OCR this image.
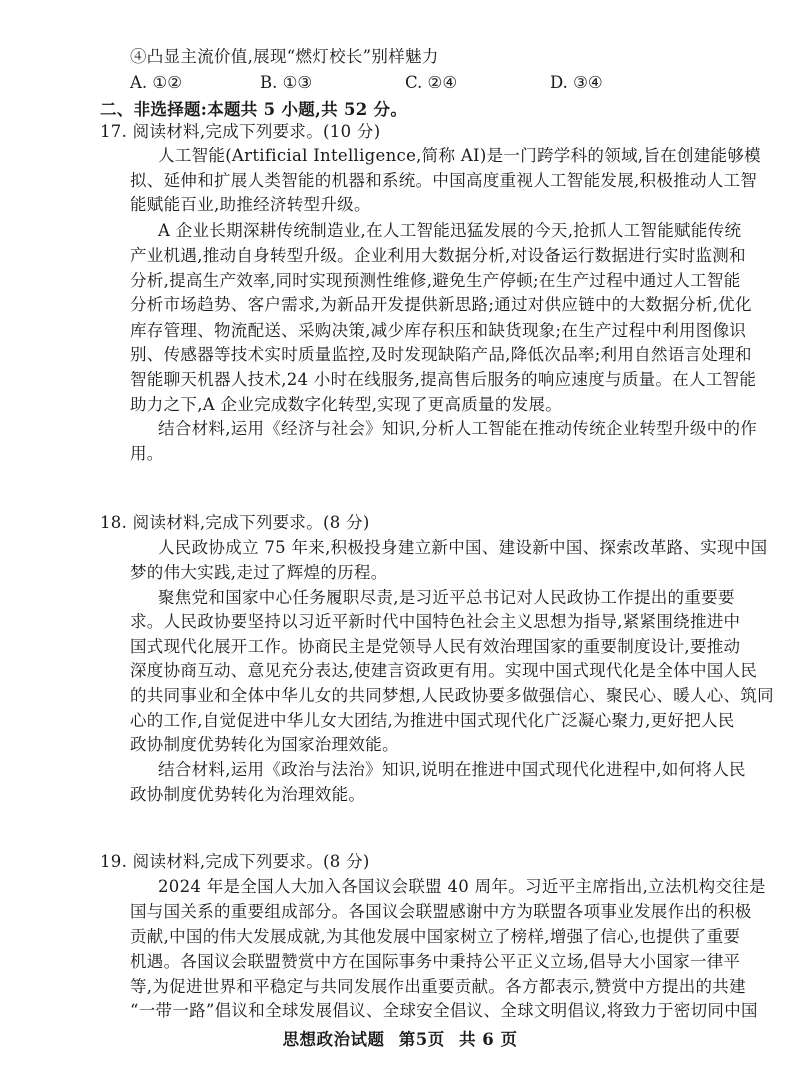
④凸显主流价值,展现“燃灯校长”别样魅力
A. ①②	B. ①③	C. ②④	D. ③④
二、非选择题:本题共 5 小题,共 52 分。
17. 阅读材料,完成下列要求。(10 分)
人工智能(Artificial Intelligence,简称 AI)是一门跨学科的领域,旨在创建能够模
拟、延伸和扩展人类智能的机器和系统。中国高度重视人工智能发展,积极推动人工智
能赋能百业,助推经济转型升级。
A 企业长期深耕传统制造业,在人工智能迅猛发展的今天,抢抓人工智能赋能传统
产业机遇,推动自身转型升级。企业利用大数据分析,对设备运行数据进行实时监测和
分析,提高生产效率,同时实现预测性维修,避免生产停顿;在生产过程中通过人工智能
分析市场趋势、客户需求,为新品开发提供新思路;通过对供应链中的大数据分析,优化
库存管理、物流配送、采购决策,减少库存积压和缺货现象;在生产过程中利用图像识
别、传感器等技术实时质量监控,及时发现缺陷产品,降低次品率;利用自然语言处理和
智能聊天机器人技术,24 小时在线服务,提高售后服务的响应速度与质量。在人工智能
助力之下,A 企业完成数字化转型,实现了更高质量的发展。
结合材料,运用《经济与社会》知识,分析人工智能在推动传统企业转型升级中的作
用。
18. 阅读材料,完成下列要求。(8 分)
人民政协成立 75 年来,积极投身建立新中国、建设新中国、探索改革路、实现中国
梦的伟大实践,走过了辉煌的历程。
聚焦党和国家中心任务履职尽责,是习近平总书记对人民政协工作提出的重要要
求。人民政协要坚持以习近平新时代中国特色社会主义思想为指导,紧紧围绕推进中
国式现代化展开工作。协商民主是党领导人民有效治理国家的重要制度设计,要推动
深度协商互动、意见充分表达,使建言资政更有用。实现中国式现代化是全体中国人民
的共同事业和全体中华儿女的共同梦想,人民政协要多做强信心、聚民心、暖人心、筑同
心的工作,自觉促进中华儿女大团结,为推进中国式现代化广泛凝心聚力,更好把人民
政协制度优势转化为国家治理效能。
结合材料,运用《政治与法治》知识,说明在推进中国式现代化进程中,如何将人民
政协制度优势转化为治理效能。
19. 阅读材料,完成下列要求。(8 分)
2024 年是全国人大加入各国议会联盟 40 周年。习近平主席指出,立法机构交往是
国与国关系的重要组成部分。各国议会联盟感谢中方为联盟各项事业发展作出的积极
贡献,中国的伟大发展成就,为其他发展中国家树立了榜样,增强了信心,也提供了重要
机遇。各国议会联盟赞赏中方在国际事务中秉持公平正义立场,倡导大小国家一律平
等,为促进世界和平稳定与共同发展作出重要贡献。各方都表示,赞赏中方提出的共建
“一带一路”倡议和全球发展倡议、全球安全倡议、全球文明倡议,将致力于密切同中国
思想政治试题 第5页 共 6 页
